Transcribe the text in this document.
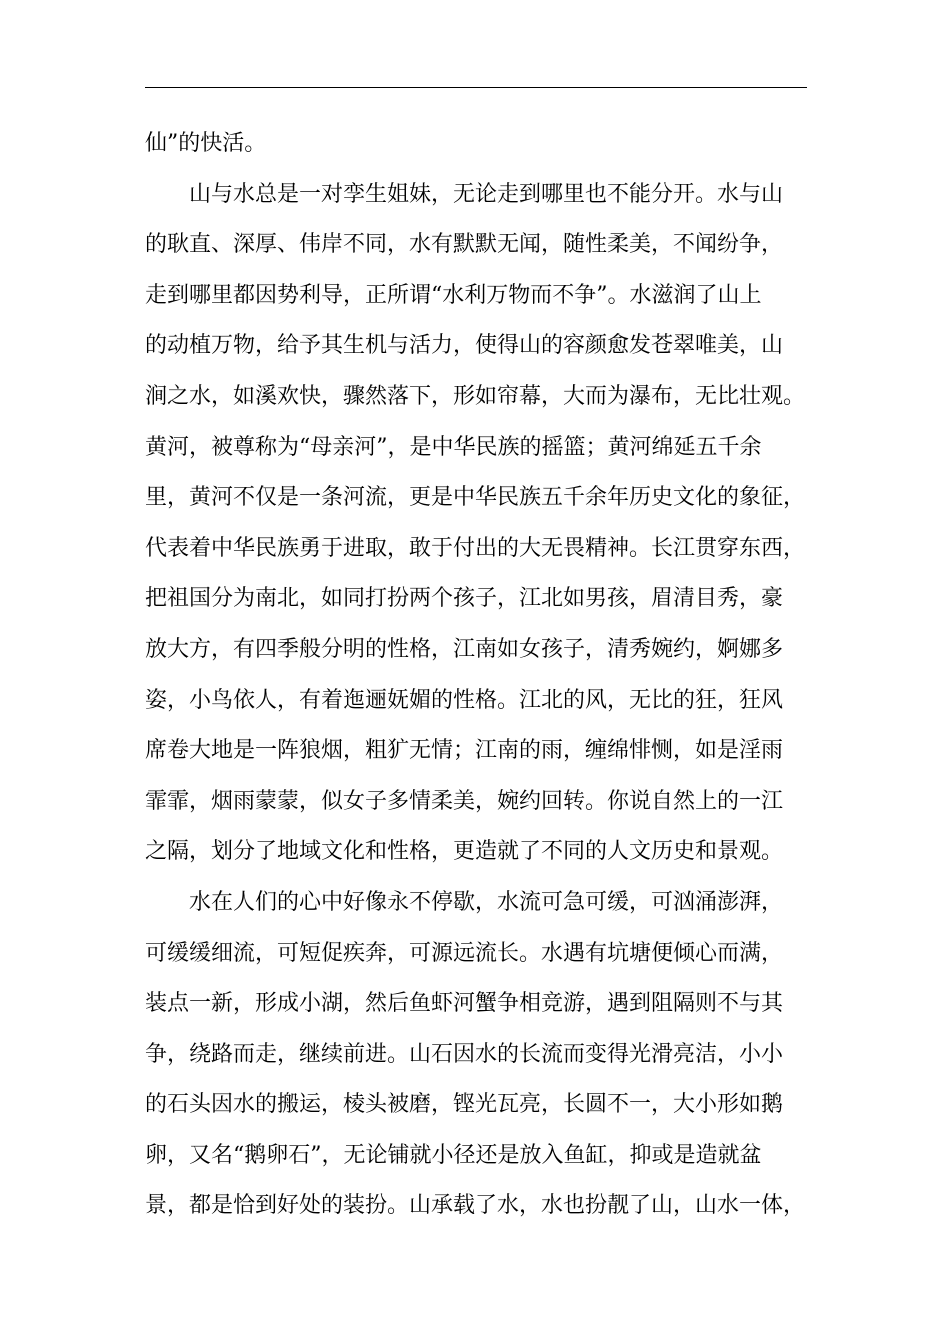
仙”的快活。
山与水总是一对孪生姐妹，无论走到哪里也不能分开。水与山
的耿直、深厚、伟岸不同，水有默默无闻，随性柔美，不闻纷争，
走到哪里都因势利导，正所谓“水利万物而不争”。水滋润了山上
的动植万物，给予其生机与活力，使得山的容颜愈发苍翠唯美，山
涧之水，如溪欢快，骤然落下，形如帘幕，大而为瀑布，无比壮观。
黄河，被尊称为“母亲河”，是中华民族的摇篮；黄河绵延五千余
里，黄河不仅是一条河流，更是中华民族五千余年历史文化的象征，
代表着中华民族勇于进取，敢于付出的大无畏精神。长江贯穿东西，
把祖国分为南北，如同打扮两个孩子，江北如男孩，眉清目秀，豪
放大方，有四季般分明的性格，江南如女孩子，清秀婉约，婀娜多
姿，小鸟依人，有着迤逦妩媚的性格。江北的风，无比的狂，狂风
席卷大地是一阵狼烟，粗犷无情；江南的雨，缠绵悱恻，如是淫雨
霏霏，烟雨蒙蒙，似女子多情柔美，婉约回转。你说自然上的一江
之隔，划分了地域文化和性格，更造就了不同的人文历史和景观。
水在人们的心中好像永不停歇，水流可急可缓，可汹涌澎湃，
可缓缓细流，可短促疾奔，可源远流长。水遇有坑塘便倾心而满，
装点一新，形成小湖，然后鱼虾河蟹争相竞游，遇到阻隔则不与其
争，绕路而走，继续前进。山石因水的长流而变得光滑亮洁，小小
的石头因水的搬运，棱头被磨，铿光瓦亮，长圆不一，大小形如鹅
卵，又名“鹅卵石”，无论铺就小径还是放入鱼缸，抑或是造就盆
景，都是恰到好处的装扮。山承载了水，水也扮靓了山，山水一体，
